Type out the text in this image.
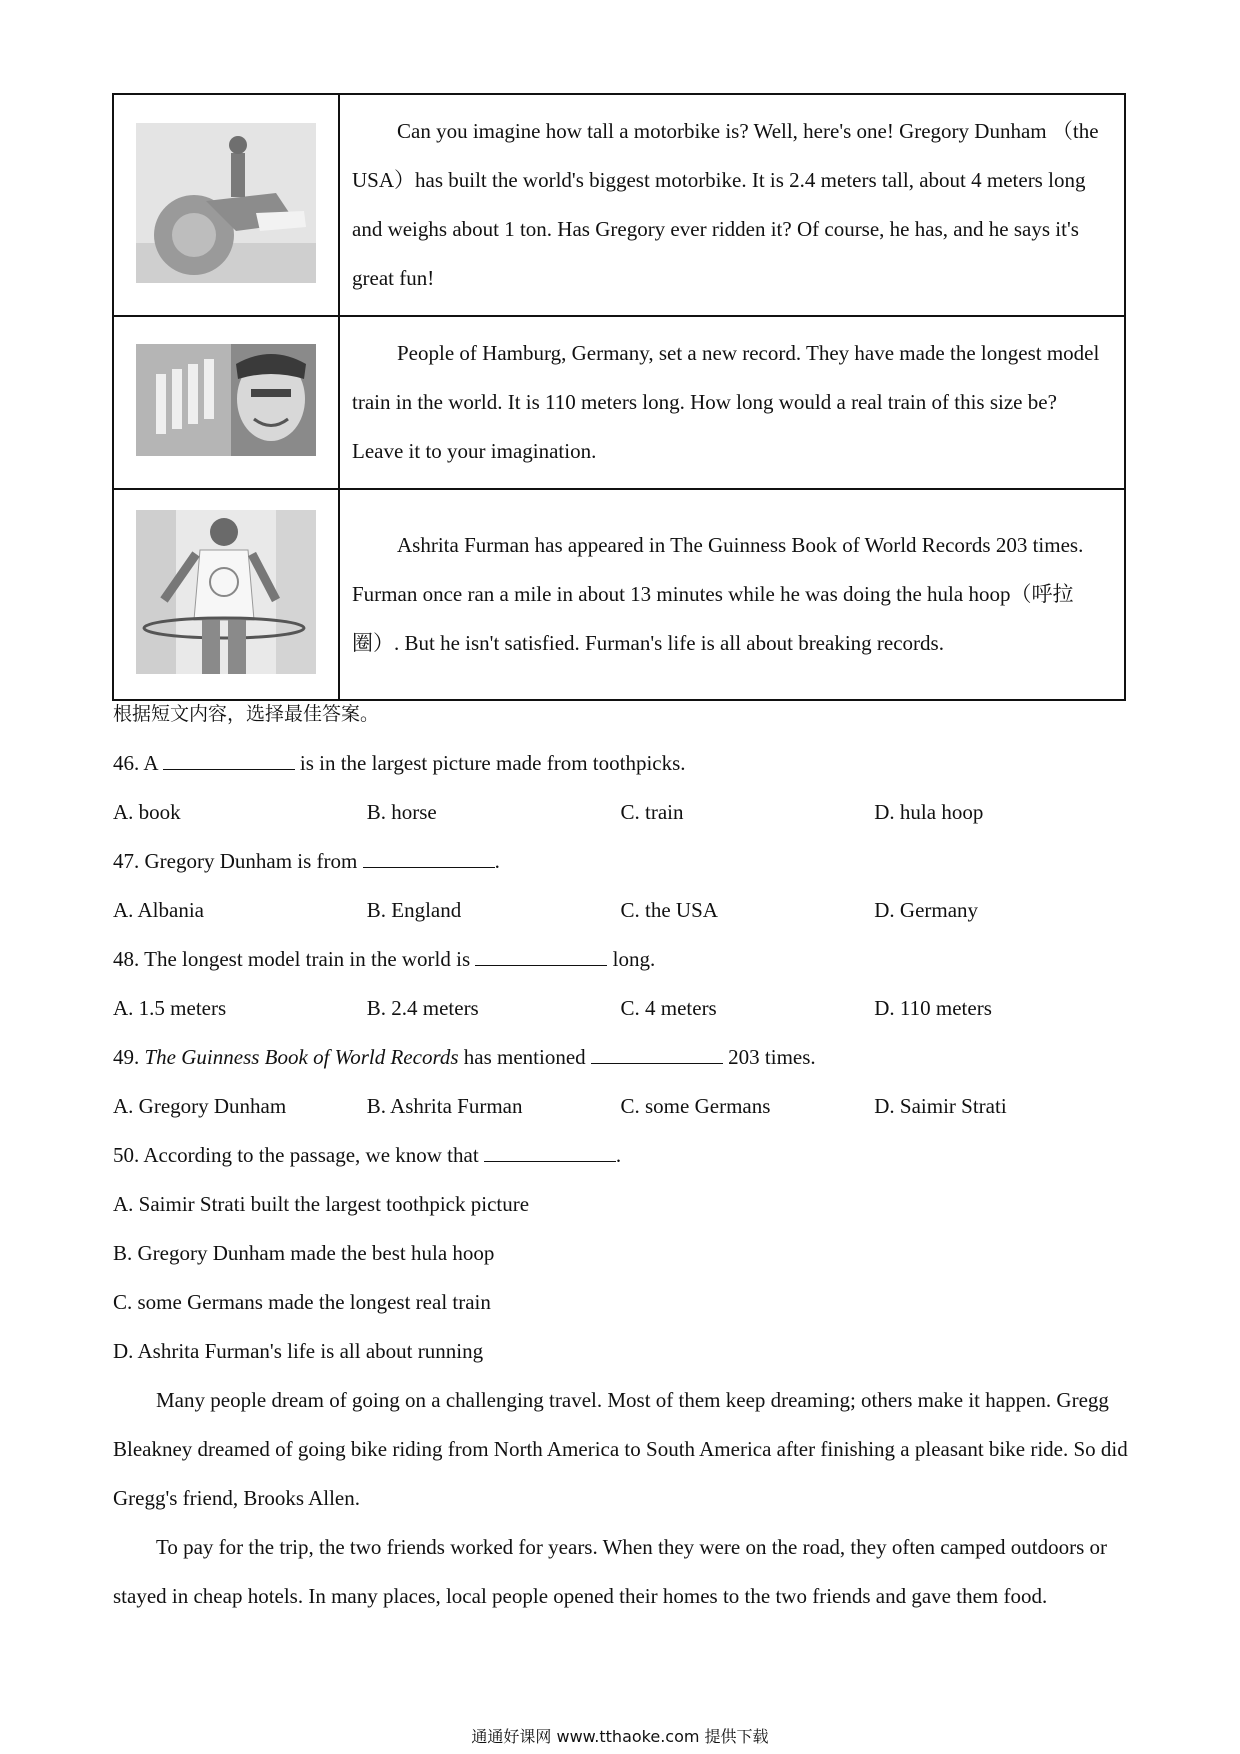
Can you imagine how tall a motorbike is? Well, here's one! Gregory Dunham （the USA）has built the world's biggest motorbike. It is 2.4 meters tall, about 4 meters long and weighs about 1 ton. Has Gregory ever ridden it? Of course, he has, and he says it's great fun!

People of Hamburg, Germany, set a new record. They have made the longest model train in the world. It is 110 meters long. How long would a real train of this size be? Leave it to your imagination.

Ashrita Furman has appeared in The Guinness Book of World Records 203 times. Furman once ran a mile in about 13 minutes while he was doing the hula hoop（呼拉圈）. But he isn't satisfied. Furman's life is all about breaking records.

根据短文内容，选择最佳答案。
46. A	is in the largest picture made from toothpicks.
A. book	B. horse	C. train	D. hula hoop
47. Gregory Dunham is from	.
A. Albania	B. England	C. the USA	D. Germany
48. The longest model train in the world is	long.
A. 1.5 meters	B. 2.4 meters	C. 4 meters	D. 110 meters
49. The Guinness Book of World Records has mentioned	203 times.
A. Gregory Dunham	B. Ashrita Furman	C. some Germans	D. Saimir Strati
50. According to the passage, we know that	.
A. Saimir Strati built the largest toothpick picture
B. Gregory Dunham made the best hula hoop
C. some Germans made the longest real train
D. Ashrita Furman's life is all about running

Many people dream of going on a challenging travel. Most of them keep dreaming; others make it happen. Gregg Bleakney dreamed of going bike riding from North America to South America after finishing a pleasant bike ride. So did Gregg's friend, Brooks Allen.

To pay for the trip, the two friends worked for years. When they were on the road, they often camped outdoors or stayed in cheap hotels. In many places, local people opened their homes to the two friends and gave them food.

通通好课网 www.tthaoke.com 提供下载
